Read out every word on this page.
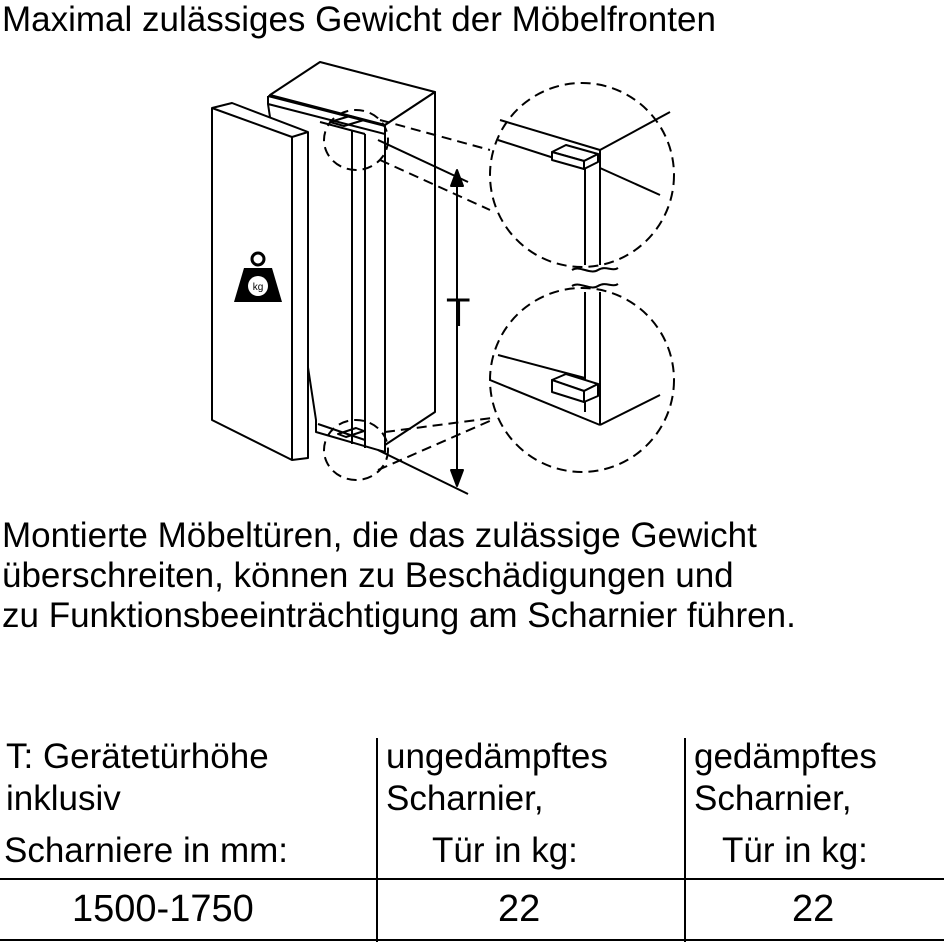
Maximal zulässiges Gewicht der Möbelfronten
kg
T
Montierte Möbeltüren, die das zulässige Gewicht
überschreiten, können zu Beschädigungen und
zu Funktionsbeeinträchtigung am Scharnier führen.
T: Gerätetürhöhe
inklusiv
Scharniere in mm:
ungedämpftes
Scharnier,
Tür in kg:
gedämpftes
Scharnier,
Tür in kg:
1500-1750	22	22
